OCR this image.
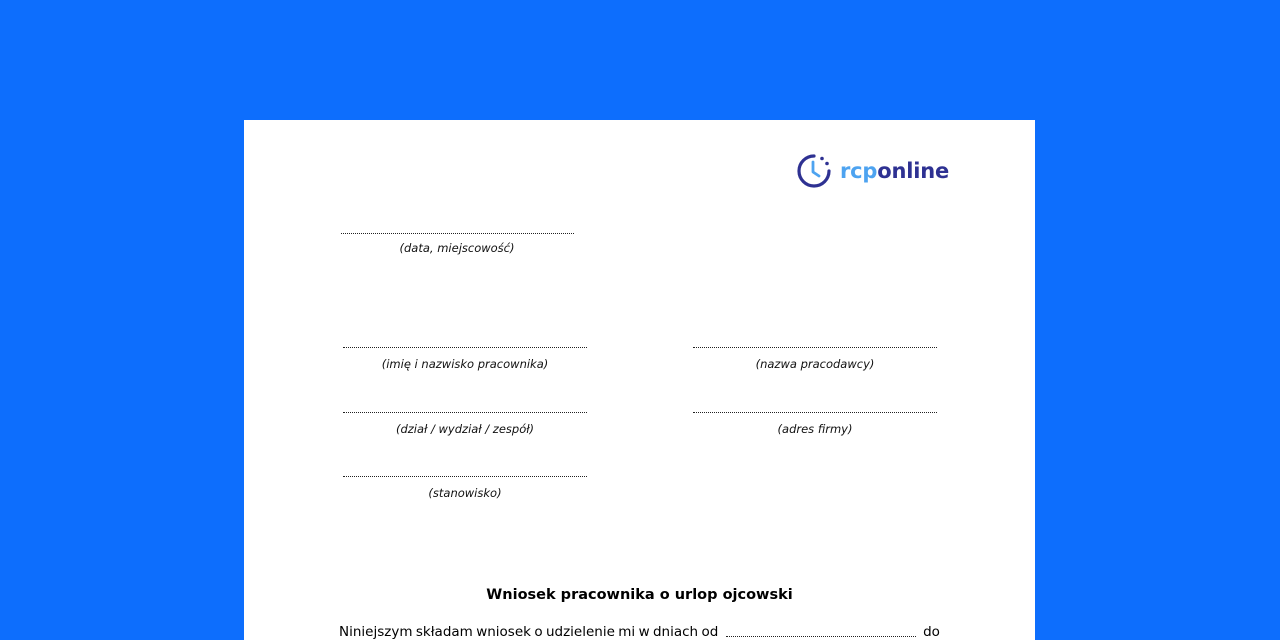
rcponline
(data, miejscowość)
(imię i nazwisko pracownika)	(nazwa pracodawcy)
(dział / wydział / zespół)	(adres firmy)
(stanowisko)
Wniosek pracownika o urlop ojcowski
Niniejszym składam wniosek o udzielenie mi w dniach od	do
